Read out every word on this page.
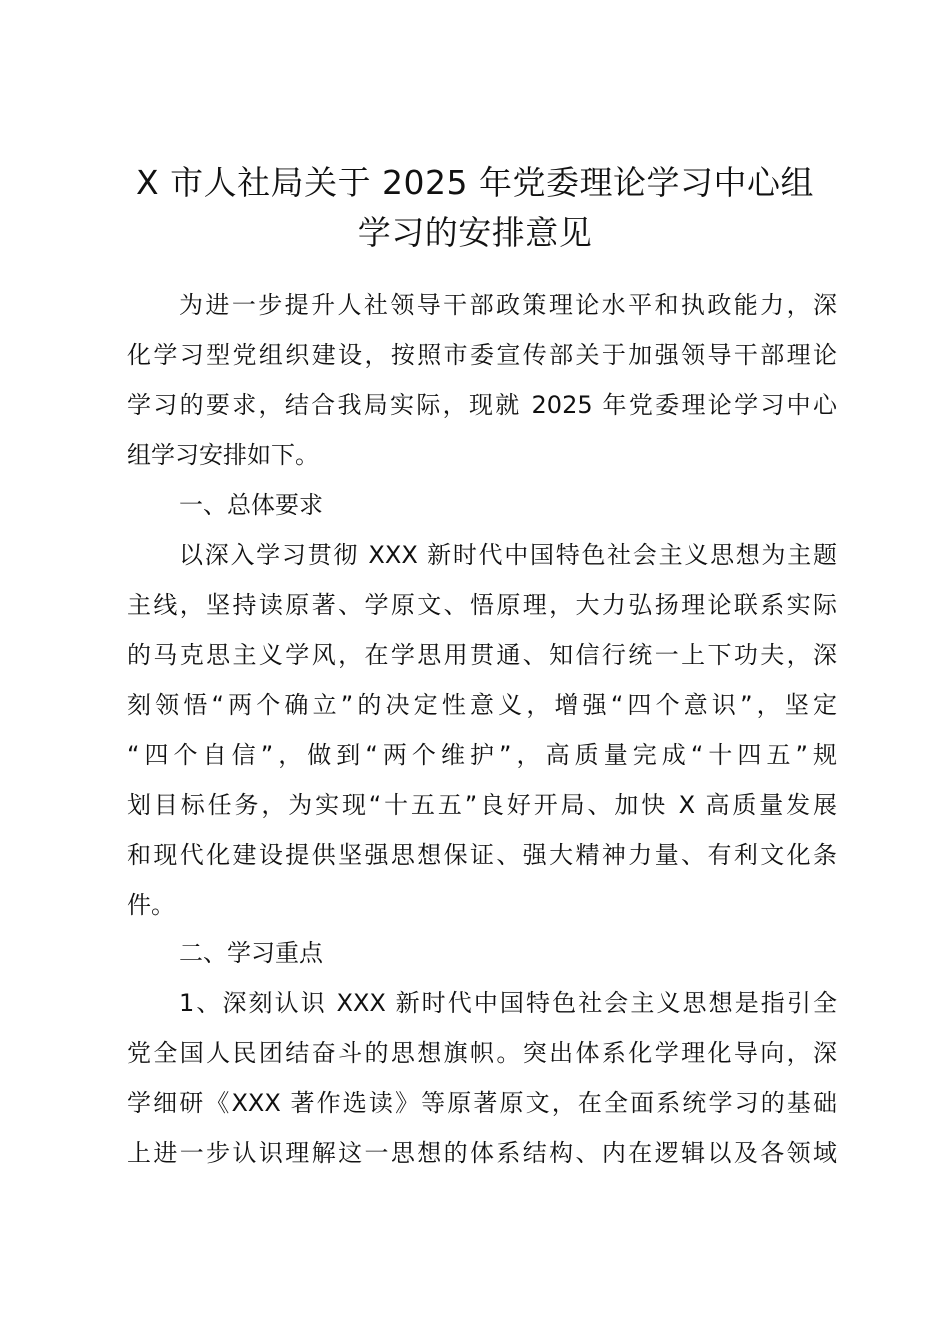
X 市人社局关于 2025 年党委理论学习中心组
学习的安排意见
为进一步提升人社领导干部政策理论水平和执政能力，深
化学习型党组织建设，按照市委宣传部关于加强领导干部理论
学习的要求，结合我局实际，现就 2025 年党委理论学习中心
组学习安排如下。
一、总体要求
以深入学习贯彻 XXX 新时代中国特色社会主义思想为主题
主线，坚持读原著、学原文、悟原理，大力弘扬理论联系实际
的马克思主义学风，在学思用贯通、知信行统一上下功夫，深
刻领悟“两个确立”的决定性意义，增强“四个意识”，坚定
“四个自信”，做到“两个维护”，高质量完成“十四五”规
划目标任务，为实现“十五五”良好开局、加快 X 高质量发展
和现代化建设提供坚强思想保证、强大精神力量、有利文化条
件。
二、学习重点
1、深刻认识 XXX 新时代中国特色社会主义思想是指引全
党全国人民团结奋斗的思想旗帜。突出体系化学理化导向，深
学细研《XXX 著作选读》等原著原文，在全面系统学习的基础
上进一步认识理解这一思想的体系结构、内在逻辑以及各领域
